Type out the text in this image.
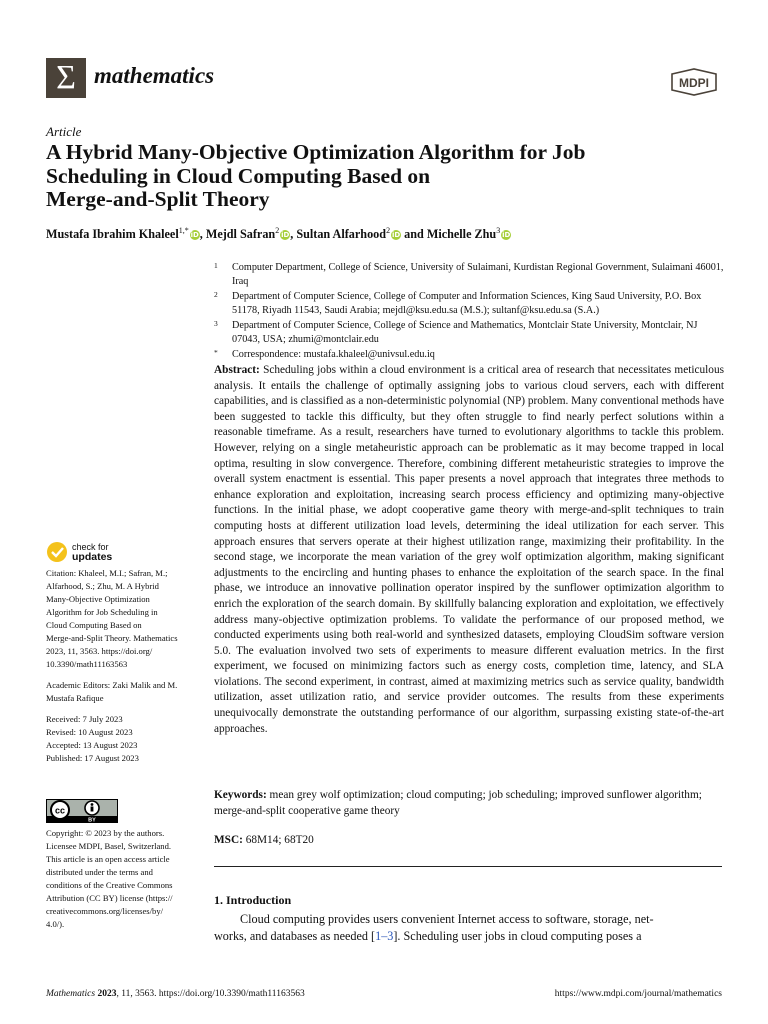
Σ mathematics	MDPI
Article
A Hybrid Many-Objective Optimization Algorithm for Job
Scheduling in Cloud Computing Based on
Merge-and-Split Theory
Mustafa Ibrahim Khaleel$^{1,*}$iD, Mejdl Safran$^2$iD, Sultan Alfarhood$^2$iD and Michelle Zhu$^3$iD
1	Computer Department, College of Science, University of Sulaimani, Kurdistan Regional Government, Sulaimani 46001, Iraq
2	Department of Computer Science, College of Computer and Information Sciences, King Saud University, P.O. Box 51178, Riyadh 11543, Saudi Arabia; mejdl@ksu.edu.sa (M.S.); sultanf@ksu.edu.sa (S.A.)
3	Department of Computer Science, College of Science and Mathematics, Montclair State University, Montclair, NJ 07043, USA; zhumi@montclair.edu
*	Correspondence: mustafa.khaleel@univsul.edu.iq
Abstract: Scheduling jobs within a cloud environment is a critical area of research that necessitates meticulous analysis. It entails the challenge of optimally assigning jobs to various cloud servers, each with different capabilities, and is classified as a non-deterministic polynomial (NP) problem. Many conventional methods have been suggested to tackle this difficulty, but they often struggle to find nearly perfect solutions within a reasonable timeframe. As a result, researchers have turned to evolutionary algorithms to tackle this problem. However, relying on a single metaheuristic approach can be problematic as it may become trapped in local optima, resulting in slow convergence. Therefore, combining different metaheuristic strategies to improve the overall system enactment is essential. This paper presents a novel approach that integrates three methods to enhance exploration and exploitation, increasing search process efficiency and optimizing many-objective functions. In the initial phase, we adopt cooperative game theory with merge-and-split techniques to train computing hosts at different utilization load levels, determining the ideal utilization for each server. This approach ensures that servers operate at their highest utilization range, maximizing their profitability. In the second stage, we incorporate the mean variation of the grey wolf optimization algorithm, making significant adjustments to the encircling and hunting phases to enhance the exploitation of the search space. In the final phase, we introduce an innovative pollination operator inspired by the sunflower optimization algorithm to enrich the exploration of the search domain. By skillfully balancing exploration and exploitation, we effectively address many-objective optimization problems. To validate the performance of our proposed method, we conducted experiments using both real-world and synthesized datasets, employing CloudSim software version 5.0. The evaluation involved two sets of experiments to measure different evaluation metrics. In the first experiment, we focused on minimizing factors such as energy costs, completion time, latency, and SLA violations. The second experiment, in contrast, aimed at maximizing metrics such as service quality, bandwidth utilization, asset utilization ratio, and service provider outcomes. The results from these experiments unequivocally demonstrate the outstanding performance of our algorithm, surpassing existing state-of-the-art approaches.
Keywords: mean grey wolf optimization; cloud computing; job scheduling; improved sunflower algorithm; merge-and-split cooperative game theory
MSC: 68M14; 68T20
1. Introduction
Cloud computing provides users convenient Internet access to software, storage, net-
works, and databases as needed [1–3]. Scheduling user jobs in cloud computing poses a
check for
updates
Citation: Khaleel, M.I.; Safran, M.;
Alfarhood, S.; Zhu, M. A Hybrid
Many-Objective Optimization
Algorithm for Job Scheduling in
Cloud Computing Based on
Merge-and-Split Theory. Mathematics
2023, 11, 3563. https://doi.org/
10.3390/math11163563
Academic Editors: Zaki Malik and M.
Mustafa Rafique
Received: 7 July 2023
Revised: 10 August 2023
Accepted: 13 August 2023
Published: 17 August 2023
cc
BY
Copyright: © 2023 by the authors.
Licensee MDPI, Basel, Switzerland.
This article is an open access article
distributed under the terms and
conditions of the Creative Commons
Attribution (CC BY) license (https://
creativecommons.org/licenses/by/
4.0/).
Mathematics 2023, 11, 3563. https://doi.org/10.3390/math11163563	https://www.mdpi.com/journal/mathematics
